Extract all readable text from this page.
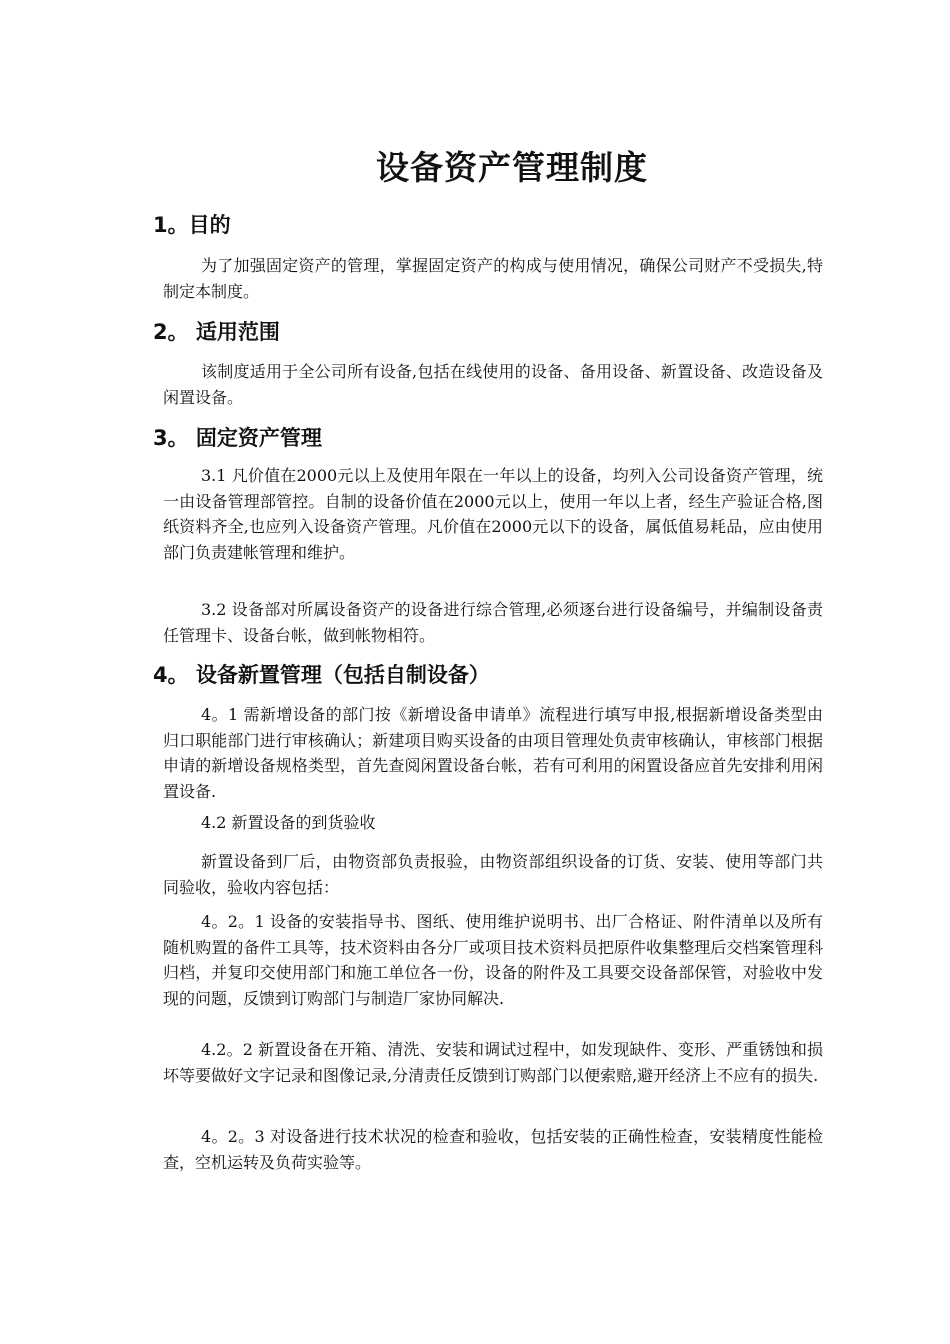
设备资产管理制度
1。目的

为了加强固定资产的管理，掌握固定资产的构成与使用情况，确保公司财产不受损失,特制定本制度。

2。 适用范围

该制度适用于全公司所有设备,包括在线使用的设备、备用设备、新置设备、改造设备及闲置设备。

3。 固定资产管理

3.1 凡价值在2000元以上及使用年限在一年以上的设备，均列入公司设备资产管理，统一由设备管理部管控。自制的设备价值在2000元以上，使用一年以上者，经生产验证合格,图纸资料齐全,也应列入设备资产管理。凡价值在2000元以下的设备，属低值易耗品，应由使用部门负责建帐管理和维护。

3.2 设备部对所属设备资产的设备进行综合管理,必须逐台进行设备编号，并编制设备责任管理卡、设备台帐，做到帐物相符。

4。 设备新置管理（包括自制设备）

4。1 需新增设备的部门按《新增设备申请单》流程进行填写申报,根据新增设备类型由归口职能部门进行审核确认；新建项目购买设备的由项目管理处负责审核确认，审核部门根据申请的新增设备规格类型，首先查阅闲置设备台帐，若有可利用的闲置设备应首先安排利用闲置设备.

4.2 新置设备的到货验收

新置设备到厂后，由物资部负责报验，由物资部组织设备的订货、安装、使用等部门共同验收，验收内容包括：

4。2。1 设备的安装指导书、图纸、使用维护说明书、出厂合格证、附件清单以及所有随机购置的备件工具等，技术资料由各分厂或项目技术资料员把原件收集整理后交档案管理科归档，并复印交使用部门和施工单位各一份，设备的附件及工具要交设备部保管，对验收中发现的问题，反馈到订购部门与制造厂家协同解决.

4.2。2 新置设备在开箱、清洗、安装和调试过程中，如发现缺件、变形、严重锈蚀和损坏等要做好文字记录和图像记录,分清责任反馈到订购部门以便索赔,避开经济上不应有的损失.

4。2。3 对设备进行技术状况的检查和验收，包括安装的正确性检查，安装精度性能检查，空机运转及负荷实验等。
